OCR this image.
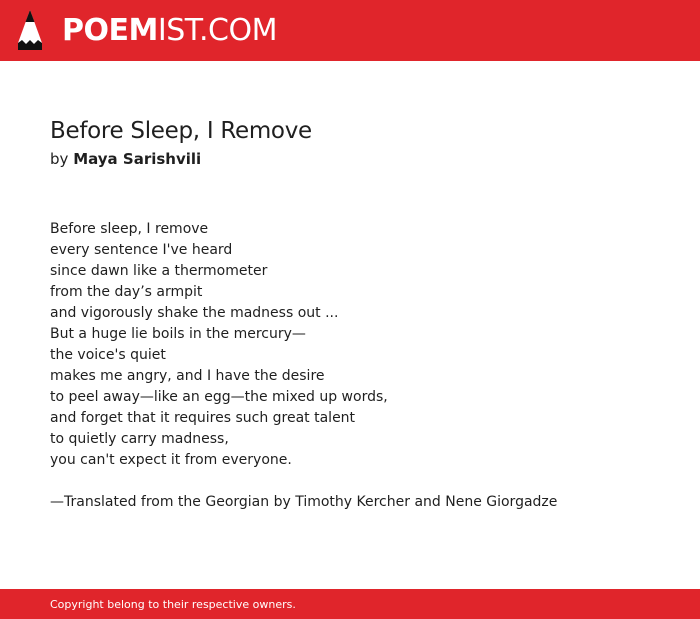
POEMIST.COM
Before Sleep, I Remove
by Maya Sarishvili
Before sleep, I remove
every sentence I've heard
since dawn like a thermometer
from the day’s armpit
and vigorously shake the madness out ...
But a huge lie boils in the mercury—
the voice's quiet
makes me angry, and I have the desire
to peel away—like an egg—the mixed up words,
and forget that it requires such great talent
to quietly carry madness,
you can't expect it from everyone.
—Translated from the Georgian by Timothy Kercher and Nene Giorgadze
Copyright belong to their respective owners.
